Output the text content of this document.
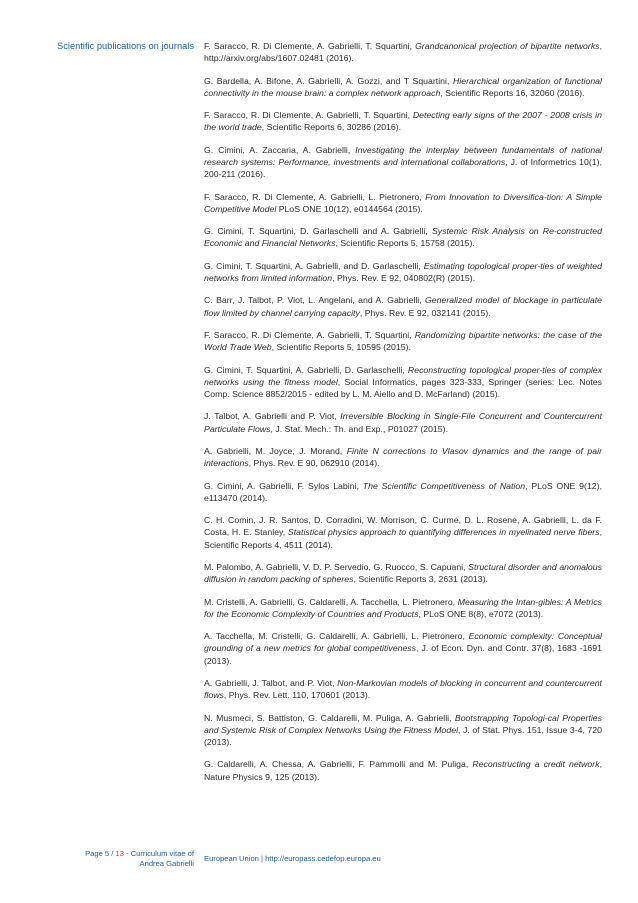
Scientific publications on journals F. Saracco, R. Di Clemente, A. Gabrielli, T. Squartini, Grandcanonical projection of bipartite networks, http://arxiv.org/abs/1607.02481 (2016).
G. Bardella, A. Bifone, A. Gabrielli, A. Gozzi, and T Squartini, Hierarchical organization of functional connectivity in the mouse brain: a complex network approach, Scientific Reports 16, 32060 (2016).
F. Saracco, R. Di Clemente, A. Gabrielli, T. Squartini, Detecting early signs of the 2007 - 2008 crisis in the world trade, Scientific Reports 6, 30286 (2016).
G. Cimini, A. Zaccaria, A. Gabrielli, Investigating the interplay between fundamentals of national research systems: Performance, investments and international collaborations, J. of Informetrics 10(1), 200-211 (2016).
F. Saracco, R. Di Clemente, A. Gabrielli, L. Pietronero, From Innovation to Diversifica-tion: A Simple Competitive Model PLoS ONE 10(12), e0144564 (2015).
G. Cimini, T. Squartini, D. Garlaschelli and A. Gabrielli, Systemic Risk Analysis on Re-constructed Economic and Financial Networks, Scientific Reports 5, 15758 (2015).
G. Cimini, T. Squartini, A. Gabrielli, and D. Garlaschelli, Estimating topological proper-ties of weighted networks from limited information, Phys. Rev. E 92, 040802(R) (2015).
C. Barr, J. Talbot, P. Viot, L. Angelani, and A. Gabrielli, Generalized model of blockage in particulate flow limited by channel carrying capacity, Phys. Rev. E 92, 032141 (2015).
F. Saracco, R. Di Clemente, A. Gabrielli, T. Squartini, Randomizing bipartite networks: the case of the World Trade Web, Scientific Reports 5, 10595 (2015).
G. Cimini, T. Squartini, A. Gabrielli, D. Garlaschelli, Reconstructing topological proper-ties of complex networks using the fitness model, Social Informatics, pages 323-333, Springer (series: Lec. Notes Comp. Science 8852/2015 - edited by L. M. Aiello and D. McFarland) (2015).
J. Talbot, A. Gabrielli and P. Viot, Irreversible Blocking in Single-File Concurrent and Countercurrent Particulate Flows, J. Stat. Mech.: Th. and Exp., P01027 (2015).
A. Gabrielli, M. Joyce, J. Morand, Finite N corrections to Vlasov dynamics and the range of pair interactions, Phys. Rev. E 90, 062910 (2014).
G. Cimini, A. Gabrielli, F. Sylos Labini, The Scientific Competitiveness of Nation, PLoS ONE 9(12), e113470 (2014).
C. H. Comin, J. R. Santos, D. Corradini, W. Morrison, C. Curme, D. L. Rosene, A. Gabrielli, L. da F. Costa, H. E. Stanley, Statistical physics approach to quantifying differences in myelinated nerve fibers, Scientific Reports 4, 4511 (2014).
M. Palombo, A. Gabrielli, V. D. P. Servedio, G. Ruocco, S. Capuani, Structural disorder and anomalous diffusion in random packing of spheres, Scientific Reports 3, 2631 (2013).
M. Cristelli, A. Gabrielli, G. Caldarelli, A. Tacchella, L. Pietronero, Measuring the Intan-gibles: A Metrics for the Economic Complexity of Countries and Products, PLoS ONE 8(8), e7072 (2013).
A. Tacchella, M. Cristelli, G. Caldarelli, A. Gabrielli, L. Pietronero, Economic complexity: Conceptual grounding of a new metrics for global competitiveness, J. of Econ. Dyn. and Contr. 37(8), 1683 -1691 (2013).
A. Gabrielli, J. Talbot, and P. Viot, Non-Markovian models of blocking in concurrent and countercurrent flows, Phys. Rev. Lett. 110, 170601 (2013).
N. Musmeci, S. Battiston, G. Caldarelli, M. Puliga, A. Gabrielli, Bootstrapping Topologi-cal Properties and Systemic Risk of Complex Networks Using the Fitness Model, J. of Stat. Phys. 151, Issue 3-4, 720 (2013).
G. Caldarelli, A. Chessa, A. Gabrielli, F. Pammolli and M. Puliga, Reconstructing a credit network, Nature Physics 9, 125 (2013).
Page 5 / 13 - Curriculum vitae of
Andrea Gabrielli
European Union | http://europass.cedefop.europa.eu
